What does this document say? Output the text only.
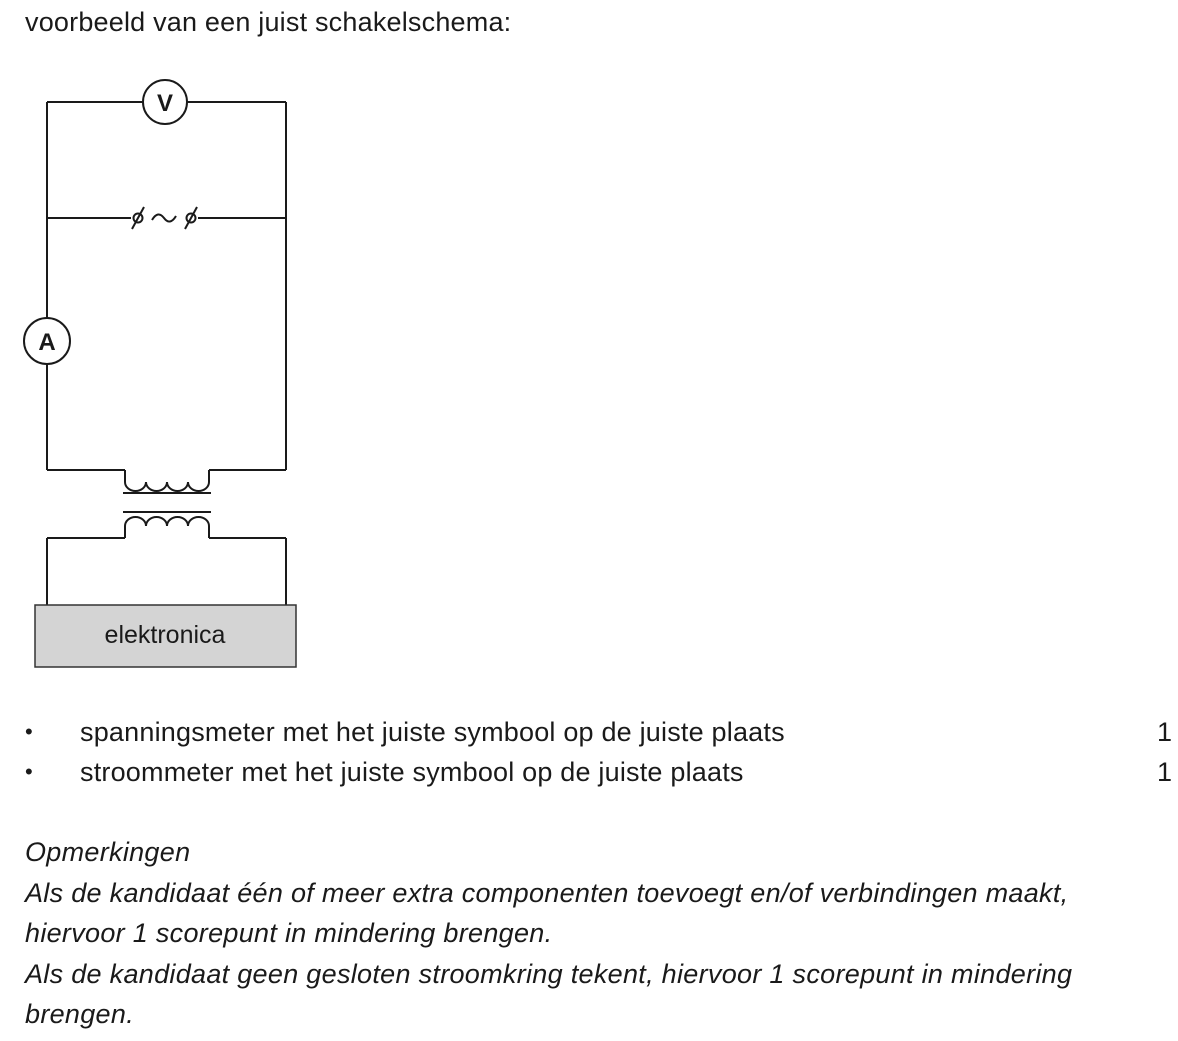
voorbeeld van een juist schakelschema:
V
A
elektronica
• spanningsmeter met het juiste symbool op de juiste plaats	1
• stroommeter met het juiste symbool op de juiste plaats	1

Opmerkingen

Als de kandidaat één of meer extra componenten toevoegt en/of verbindingen maakt, hiervoor 1 scorepunt in mindering brengen.

Als de kandidaat geen gesloten stroomkring tekent, hiervoor 1 scorepunt in mindering brengen.
